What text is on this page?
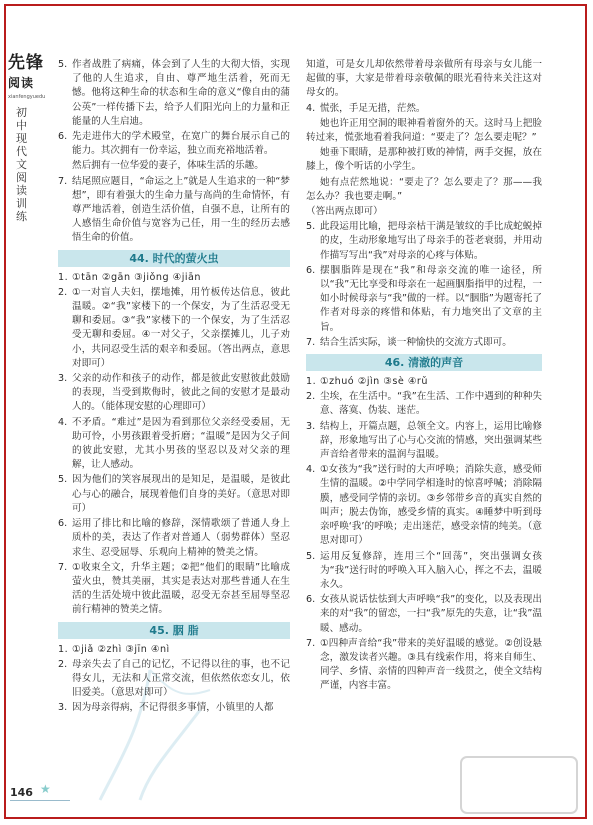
先锋
阅读
xianfengyuedu
初中现代文阅读训练
5. 作者战胜了病痛，体会到了人生的大彻大悟，实现了他的人生追求，自由、尊严地生活着，死而无憾。他将这种生命的状态和生命的意义“像自由的蒲公英”一样传播下去，给予人们阳光向上的力量和正能量的人生启迪。
6. 先走进伟大的学术殿堂，在宽广的舞台展示自己的能力。其次拥有一份幸运，独立而充裕地活着。
然后拥有一位华爱的妻子，体味生活的乐趣。
7. 结尾照应题目，“命运之上”就是人生追求的一种“梦想”，即有着强大的生命力量与高尚的生命情怀，有尊严地活着，创造生活价值，自强不息，让所有的人感悟生命价值与宽容为己任，用一生的经历去感悟生命的价值。
44. 时代的萤火虫
1. ①tān ②gān ③jiǒng ④jiān
2. ①一对盲人夫妇，摆地摊，用竹板传达信息，彼此温暖。②“我”家楼下的一个保安，为了生活忍受无聊和委屈。③“我”家楼下的一个保安，为了生活忍受无聊和委屈。④一对父子，父亲摆摊儿，儿子劝小，共同忍受生活的艰辛和委屈。（答出两点，意思对即可）
3. 父亲的动作和孩子的动作，都是彼此安慰彼此鼓励的表现，当受到欺侮时，彼此之间的安慰才是最动人的。（能体现安慰的心理即可）
4. 不矛盾。“难过”是因为看到那位父亲经受委屈，无助可怜，小男孩跟着受折磨；“温暖”是因为父子间的彼此安慰，尤其小男孩的坚忍以及对父亲的理解，让人感动。
5. 因为他们的笑容展现出的是知足，是温暖，是彼此心与心的融合，展现着他们自身的美好。（意思对即可）
6. 运用了排比和比喻的修辞，深情歌颂了普通人身上质朴的美，表达了作者对普通人（弱势群体）坚忍求生、忍受屈辱、乐观向上精神的赞美之情。
7. ①收束全文，升华主题；②把“他们的眼睛”比喻成萤火虫，赞其美丽，其实是表达对那些普通人在生活的生活处境中彼此温暖，忍受无奈甚至屈辱坚忍前行精神的赞美之情。
45. 胭 脂
1. ①jiǎ ②zhì ③jīn ④nì
2. 母亲失去了自己的记忆，不记得以往的事，也不记得女儿，无法和人正常交流，但依然依恋女儿，依旧爱美。（意思对即可）
3. 因为母亲得病，不记得很多事情，小镇里的人都
知道，可是女儿却依然带着母亲做所有母亲与女儿能一起做的事，大家是带着母亲敬佩的眼光看待来关注这对母女的。
4. 慌张，手足无措，茫然。
她也许正用空洞的眼神看着窗外的天。这时马上把脸转过来，慌张地看着我问道：“要走了？怎么要走呢？”
她垂下眼睛，是那种被打败的神情，两手交握，放在膝上，像个听话的小学生。
她有点茫然地说：“要走了？怎么要走了？那——我怎么办？我也要走啊。”
（答出两点即可）
5. 此段运用比喻，把母亲枯干满是皱纹的手比成蛇蜕掉的皮，生动形象地写出了母亲手的苍老衰弱，并用动作描写写出“我”对母亲的心疼与体贴。
6. 摆胭脂阵是现在“我”和母亲交流的唯一途径，所以“我”无比享受和母亲在一起画胭脂指甲的过程，一如小时候母亲与“我”做的一样。以“胭脂”为题寄托了作者对母亲的疼惜和体贴，有力地突出了文章的主旨。
7. 结合生活实际，谈一种愉快的交流方式即可。
46. 清澈的声音
1. ①zhuó ②jìn ③sè ④rǔ
2. 尘埃，在生活中。“我”在生活、工作中遇到的种种失意、落寞、伪装、迷茫。
3. 结构上，开篇点题，总领全文。内容上，运用比喻修辞，形象地写出了心与心交流的情感，突出强调某些声音给者带来的温润与温暖。
4. ①女孩为“我”送行时的大声呼唤；消除失意，感受师生情的温暖。②中学同学相逢时的惊喜呼喊；消除隔膜，感受同学情的亲切。③乡邻带乡音的真实自然的叫声；脱去伪饰，感受乡情的真实。④睡梦中听到母亲呼唤‘我’的呼唤；走出迷茫，感受亲情的纯美。（意思对即可）
5. 运用反复修辞，连用三个“回荡”，突出强调女孩为“我”送行时的呼唤入耳入脑入心，挥之不去，温暖永久。
6. 女孩从说话怯怯到大声呼唤“我”的变化，以及表现出来的对“我”的留恋，一扫“我”原先的失意，让“我”温暖、感动。
7. ①四种声音给“我”带来的美好温暖的感觉。②创设悬念，激发读者兴趣。③具有线索作用，将来自师生、同学、乡情、亲情的四种声音一线贯之，使全文结构严谨，内容丰富。
146 ★
